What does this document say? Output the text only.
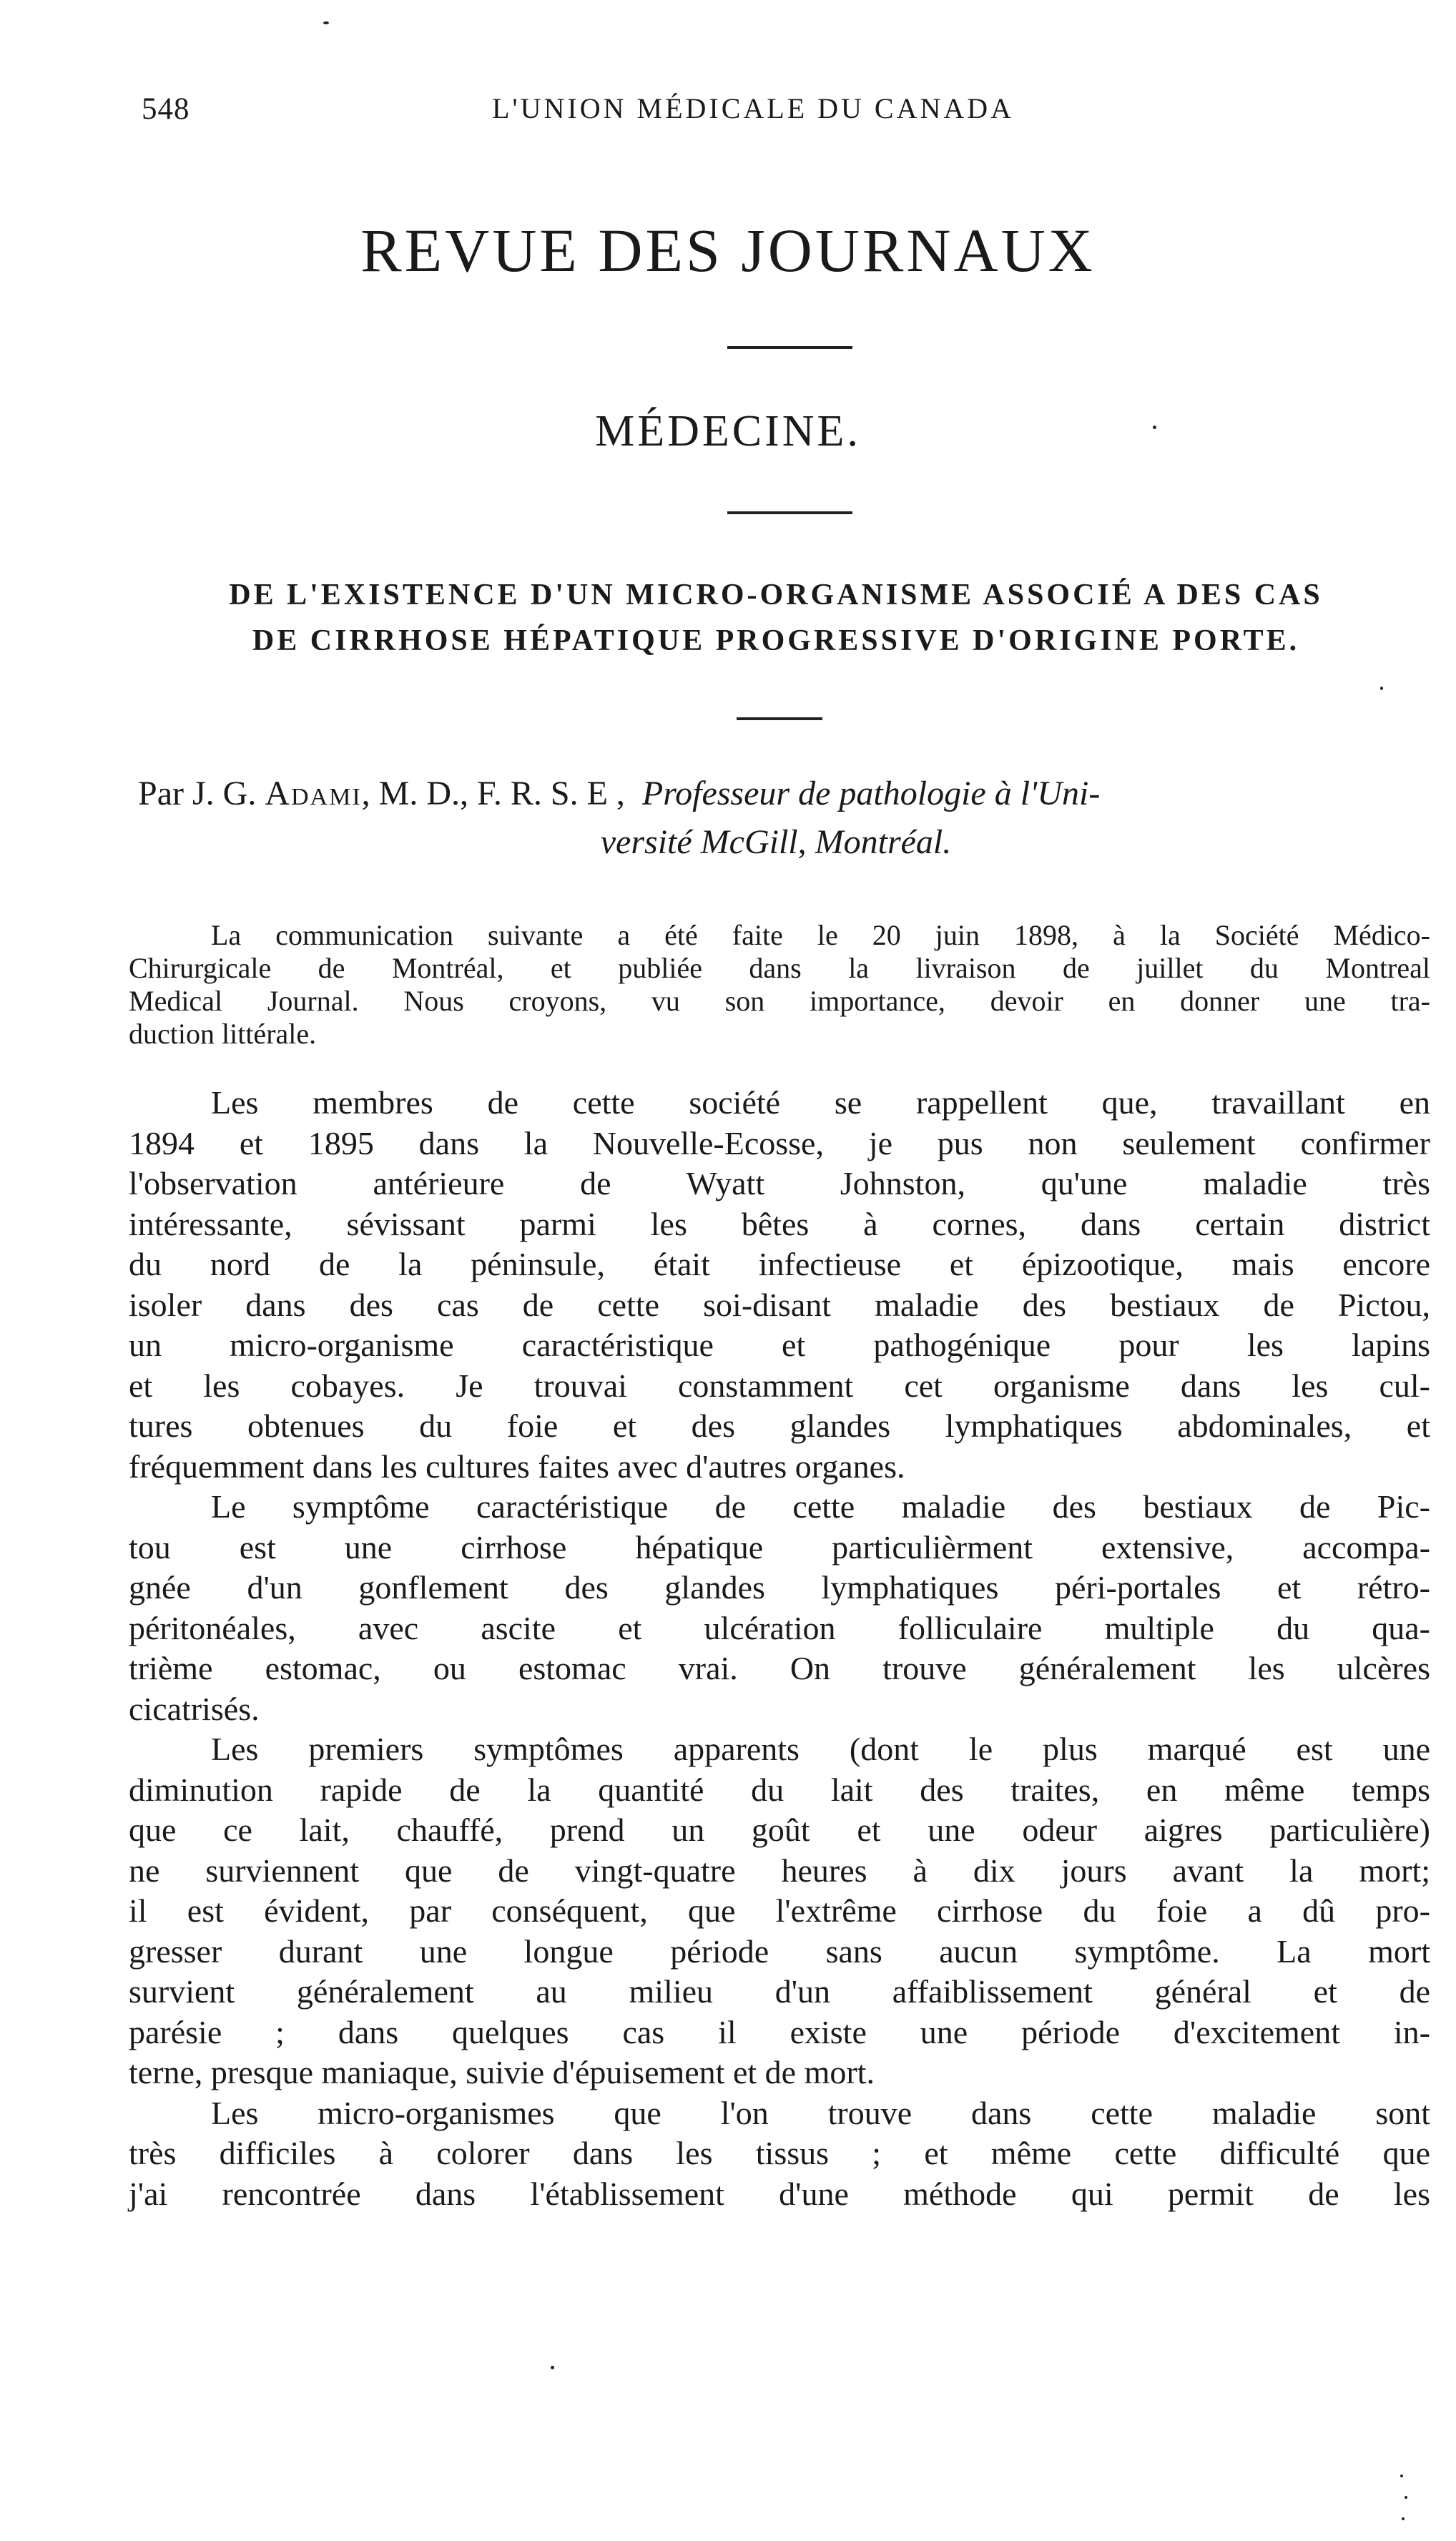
548	L'UNION MÉDICALE DU CANADA
REVUE DES JOURNAUX
MÉDECINE.
DE L'EXISTENCE D'UN MICRO-ORGANISME ASSOCIÉ A DES CAS
DE CIRRHOSE HÉPATIQUE PROGRESSIVE D'ORIGINE PORTE.
Par J. G. Adami, M. D., F. R. S. E , Professeur de pathologie à l'Uni-
versité McGill, Montréal.
La communication suivante a été faite le 20 juin 1898, à la Société Médico-
Chirurgicale de Montréal, et publiée dans la livraison de juillet du Montreal
Medical Journal. Nous croyons, vu son importance, devoir en donner une tra-
duction littérale.
Les membres de cette société se rappellent que, travaillant en
1894 et 1895 dans la Nouvelle-Ecosse, je pus non seulement confirmer
l'observation antérieure de Wyatt Johnston, qu'une maladie très
intéressante, sévissant parmi les bêtes à cornes, dans certain district
du nord de la péninsule, était infectieuse et épizootique, mais encore
isoler dans des cas de cette soi-disant maladie des bestiaux de Pictou,
un micro-organisme caractéristique et pathogénique pour les lapins
et les cobayes. Je trouvai constamment cet organisme dans les cul-
tures obtenues du foie et des glandes lymphatiques abdominales, et
fréquemment dans les cultures faites avec d'autres organes.
Le symptôme caractéristique de cette maladie des bestiaux de Pic-
tou est une cirrhose hépatique particulièrment extensive, accompa-
gnée d'un gonflement des glandes lymphatiques péri-portales et rétro-
péritonéales, avec ascite et ulcération folliculaire multiple du qua-
trième estomac, ou estomac vrai. On trouve généralement les ulcères
cicatrisés.
Les premiers symptômes apparents (dont le plus marqué est une
diminution rapide de la quantité du lait des traites, en même temps
que ce lait, chauffé, prend un goût et une odeur aigres particulière)
ne surviennent que de vingt-quatre heures à dix jours avant la mort;
il est évident, par conséquent, que l'extrême cirrhose du foie a dû pro-
gresser durant une longue période sans aucun symptôme. La mort
survient généralement au milieu d'un affaiblissement général et de
parésie ; dans quelques cas il existe une période d'excitement in-
terne, presque maniaque, suivie d'épuisement et de mort.
Les micro-organismes que l'on trouve dans cette maladie sont
très difficiles à colorer dans les tissus ; et même cette difficulté que
j'ai rencontrée dans l'établissement d'une méthode qui permit de les
